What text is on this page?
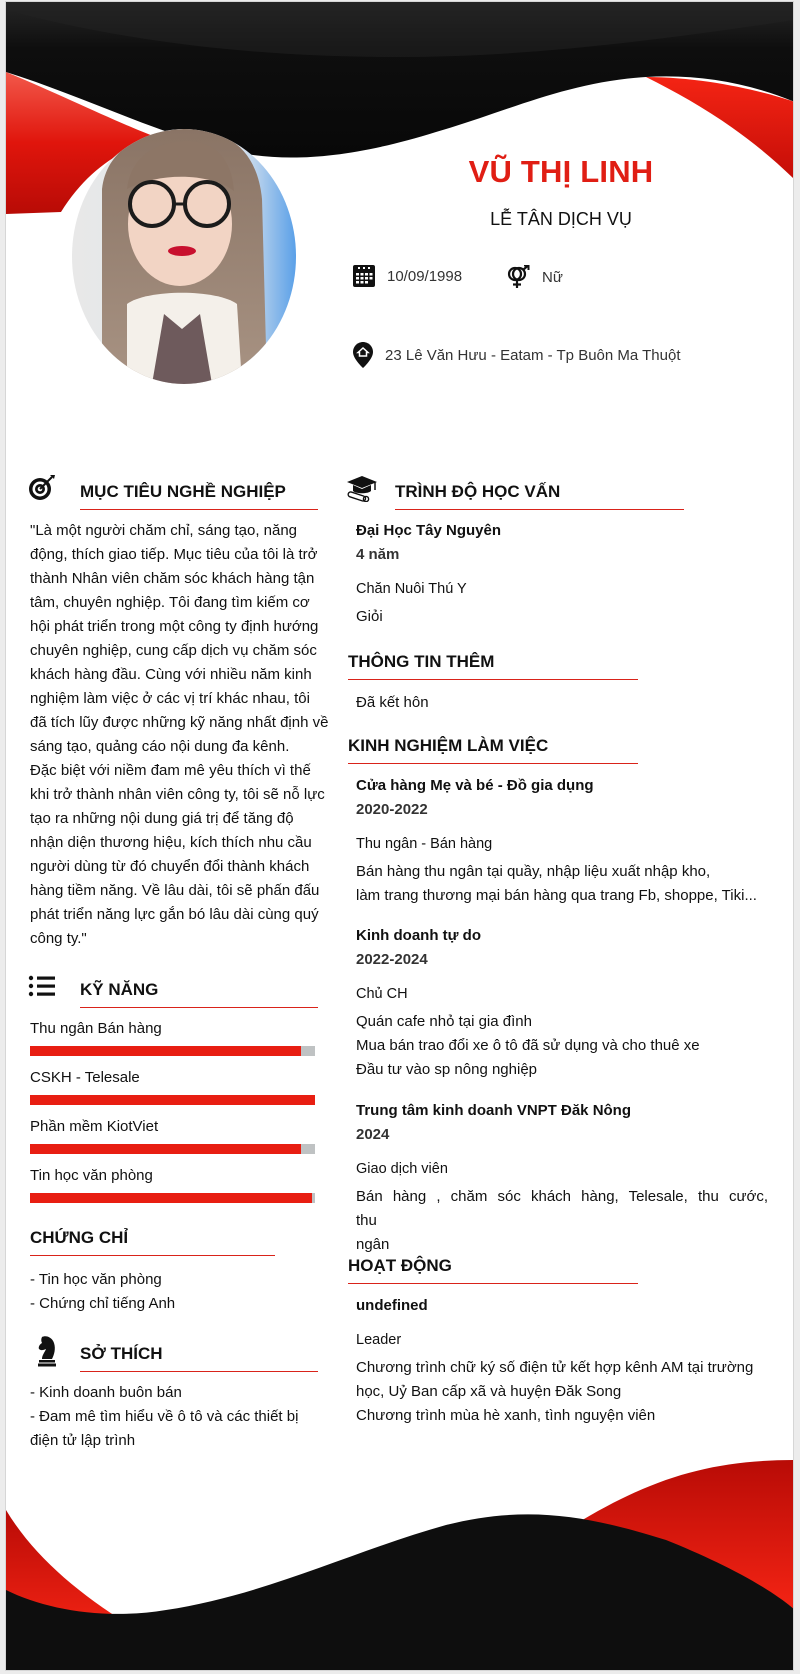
VŨ THỊ LINH
LỄ TÂN DỊCH VỤ
10/09/1998	Nữ
23 Lê Văn Hưu - Eatam - Tp Buôn Ma Thuột
MỤC TIÊU NGHỀ NGHIỆP
"Là một người chăm chỉ, sáng tạo, năng
động, thích giao tiếp. Mục tiêu của tôi là trở
thành Nhân viên chăm sóc khách hàng tận
tâm, chuyên nghiệp. Tôi đang tìm kiếm cơ
hội phát triển trong một công ty định hướng
chuyên nghiệp, cung cấp dịch vụ chăm sóc
khách hàng đầu. Cùng với nhiều năm kinh
nghiệm làm việc ở các vị trí khác nhau, tôi
đã tích lũy được những kỹ năng nhất định về
sáng tạo, quảng cáo nội dung đa kênh.
Đặc biệt với niềm đam mê yêu thích vì thế
khi trở thành nhân viên công ty, tôi sẽ nỗ lực
tạo ra những nội dung giá trị để tăng độ
nhận diện thương hiệu, kích thích nhu cầu
người dùng từ đó chuyển đổi thành khách
hàng tiềm năng. Về lâu dài, tôi sẽ phấn đấu
phát triển năng lực gắn bó lâu dài cùng quý
công ty."
KỸ NĂNG
Thu ngân Bán hàng
CSKH - Telesale
Phần mềm KiotViet
Tin học văn phòng
CHỨNG CHỈ
- Tin học văn phòng
- Chứng chỉ tiếng Anh
SỞ THÍCH
- Kinh doanh buôn bán
- Đam mê tìm hiểu về ô tô và các thiết bị
điện tử lập trình
TRÌNH ĐỘ HỌC VẤN
Đại Học Tây Nguyên
4 năm
Chăn Nuôi Thú Y
Giỏi
THÔNG TIN THÊM
Đã kết hôn
KINH NGHIỆM LÀM VIỆC
Cửa hàng Mẹ và bé - Đồ gia dụng
2020-2022
Thu ngân - Bán hàng
Bán hàng thu ngân tại quầy, nhập liệu xuất nhập kho,
làm trang thương mại bán hàng qua trang Fb, shoppe, Tiki...
Kinh doanh tự do
2022-2024
Chủ CH
Quán cafe nhỏ tại gia đình
Mua bán trao đổi xe ô tô đã sử dụng và cho thuê xe
Đầu tư vào sp nông nghiệp
Trung tâm kinh doanh VNPT Đăk Nông
2024
Giao dịch viên
Bán hàng , chăm sóc khách hàng, Telesale, thu cước, thu
ngân
HOẠT ĐỘNG
undefined
Leader
Chương trình chữ ký số điện tử kết hợp kênh AM tại trường
học, Uỷ Ban cấp xã và huyện Đăk Song
Chương trình mùa hè xanh, tình nguyện viên
